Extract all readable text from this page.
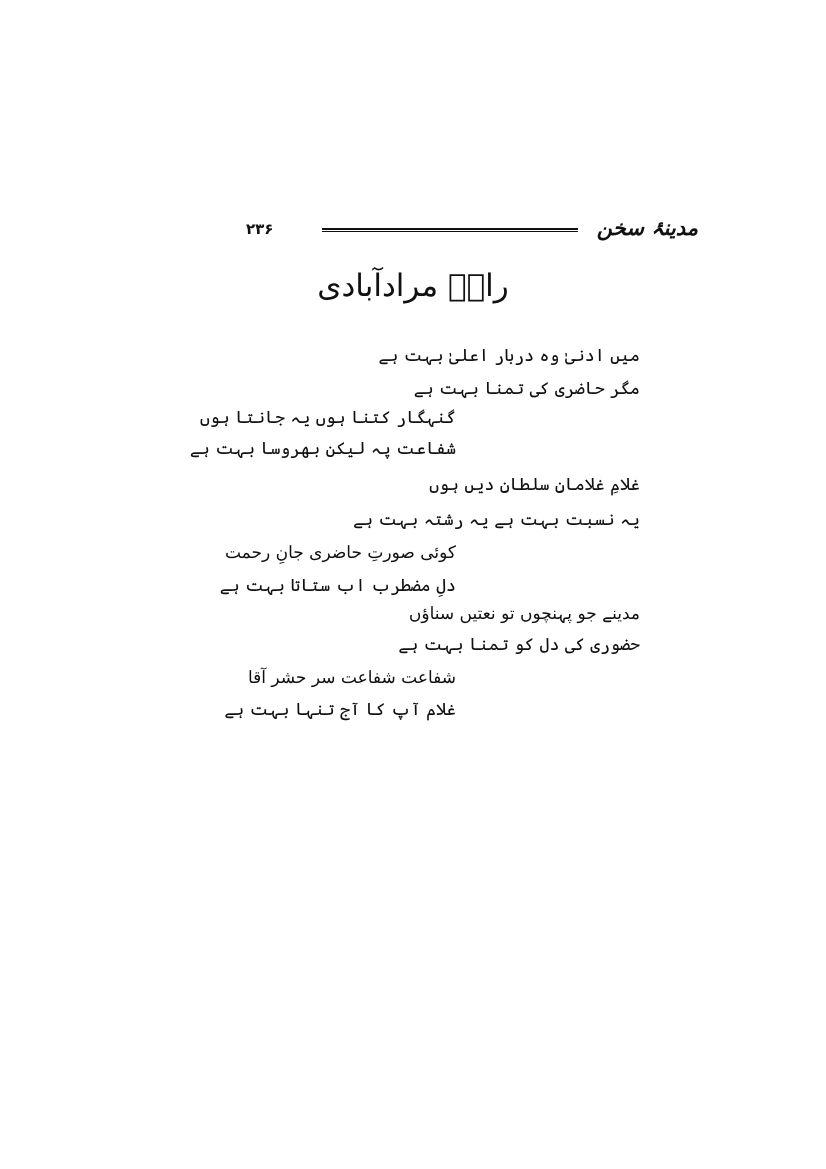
مدینۂ سخن
۲۳۶
رازؔ مرادآبادی
میں ادنیٰ وہ دربار اعلیٰ بہت ہے
مگر حاضری کی تمنا بہت ہے
گنہگار کتنا ہوں یہ جانتا ہوں
شفاعت پہ لیکن بھروسا بہت ہے
غلامِ غلامانِ سلطانِ دیں ہوں
یہ نسبت بہت ہے یہ رشتہ بہت ہے
کوئی صورتِ حاضری جانِ رحمت
دلِ مضطرب اب ستاتا بہت ہے
مدینے جو پہنچوں تو نعتیں سناؤں
حضوری کی دل کو تمنا بہت ہے
شفاعت شفاعت سر حشر آقا
غلام آپ کا آج تنہا بہت ہے
